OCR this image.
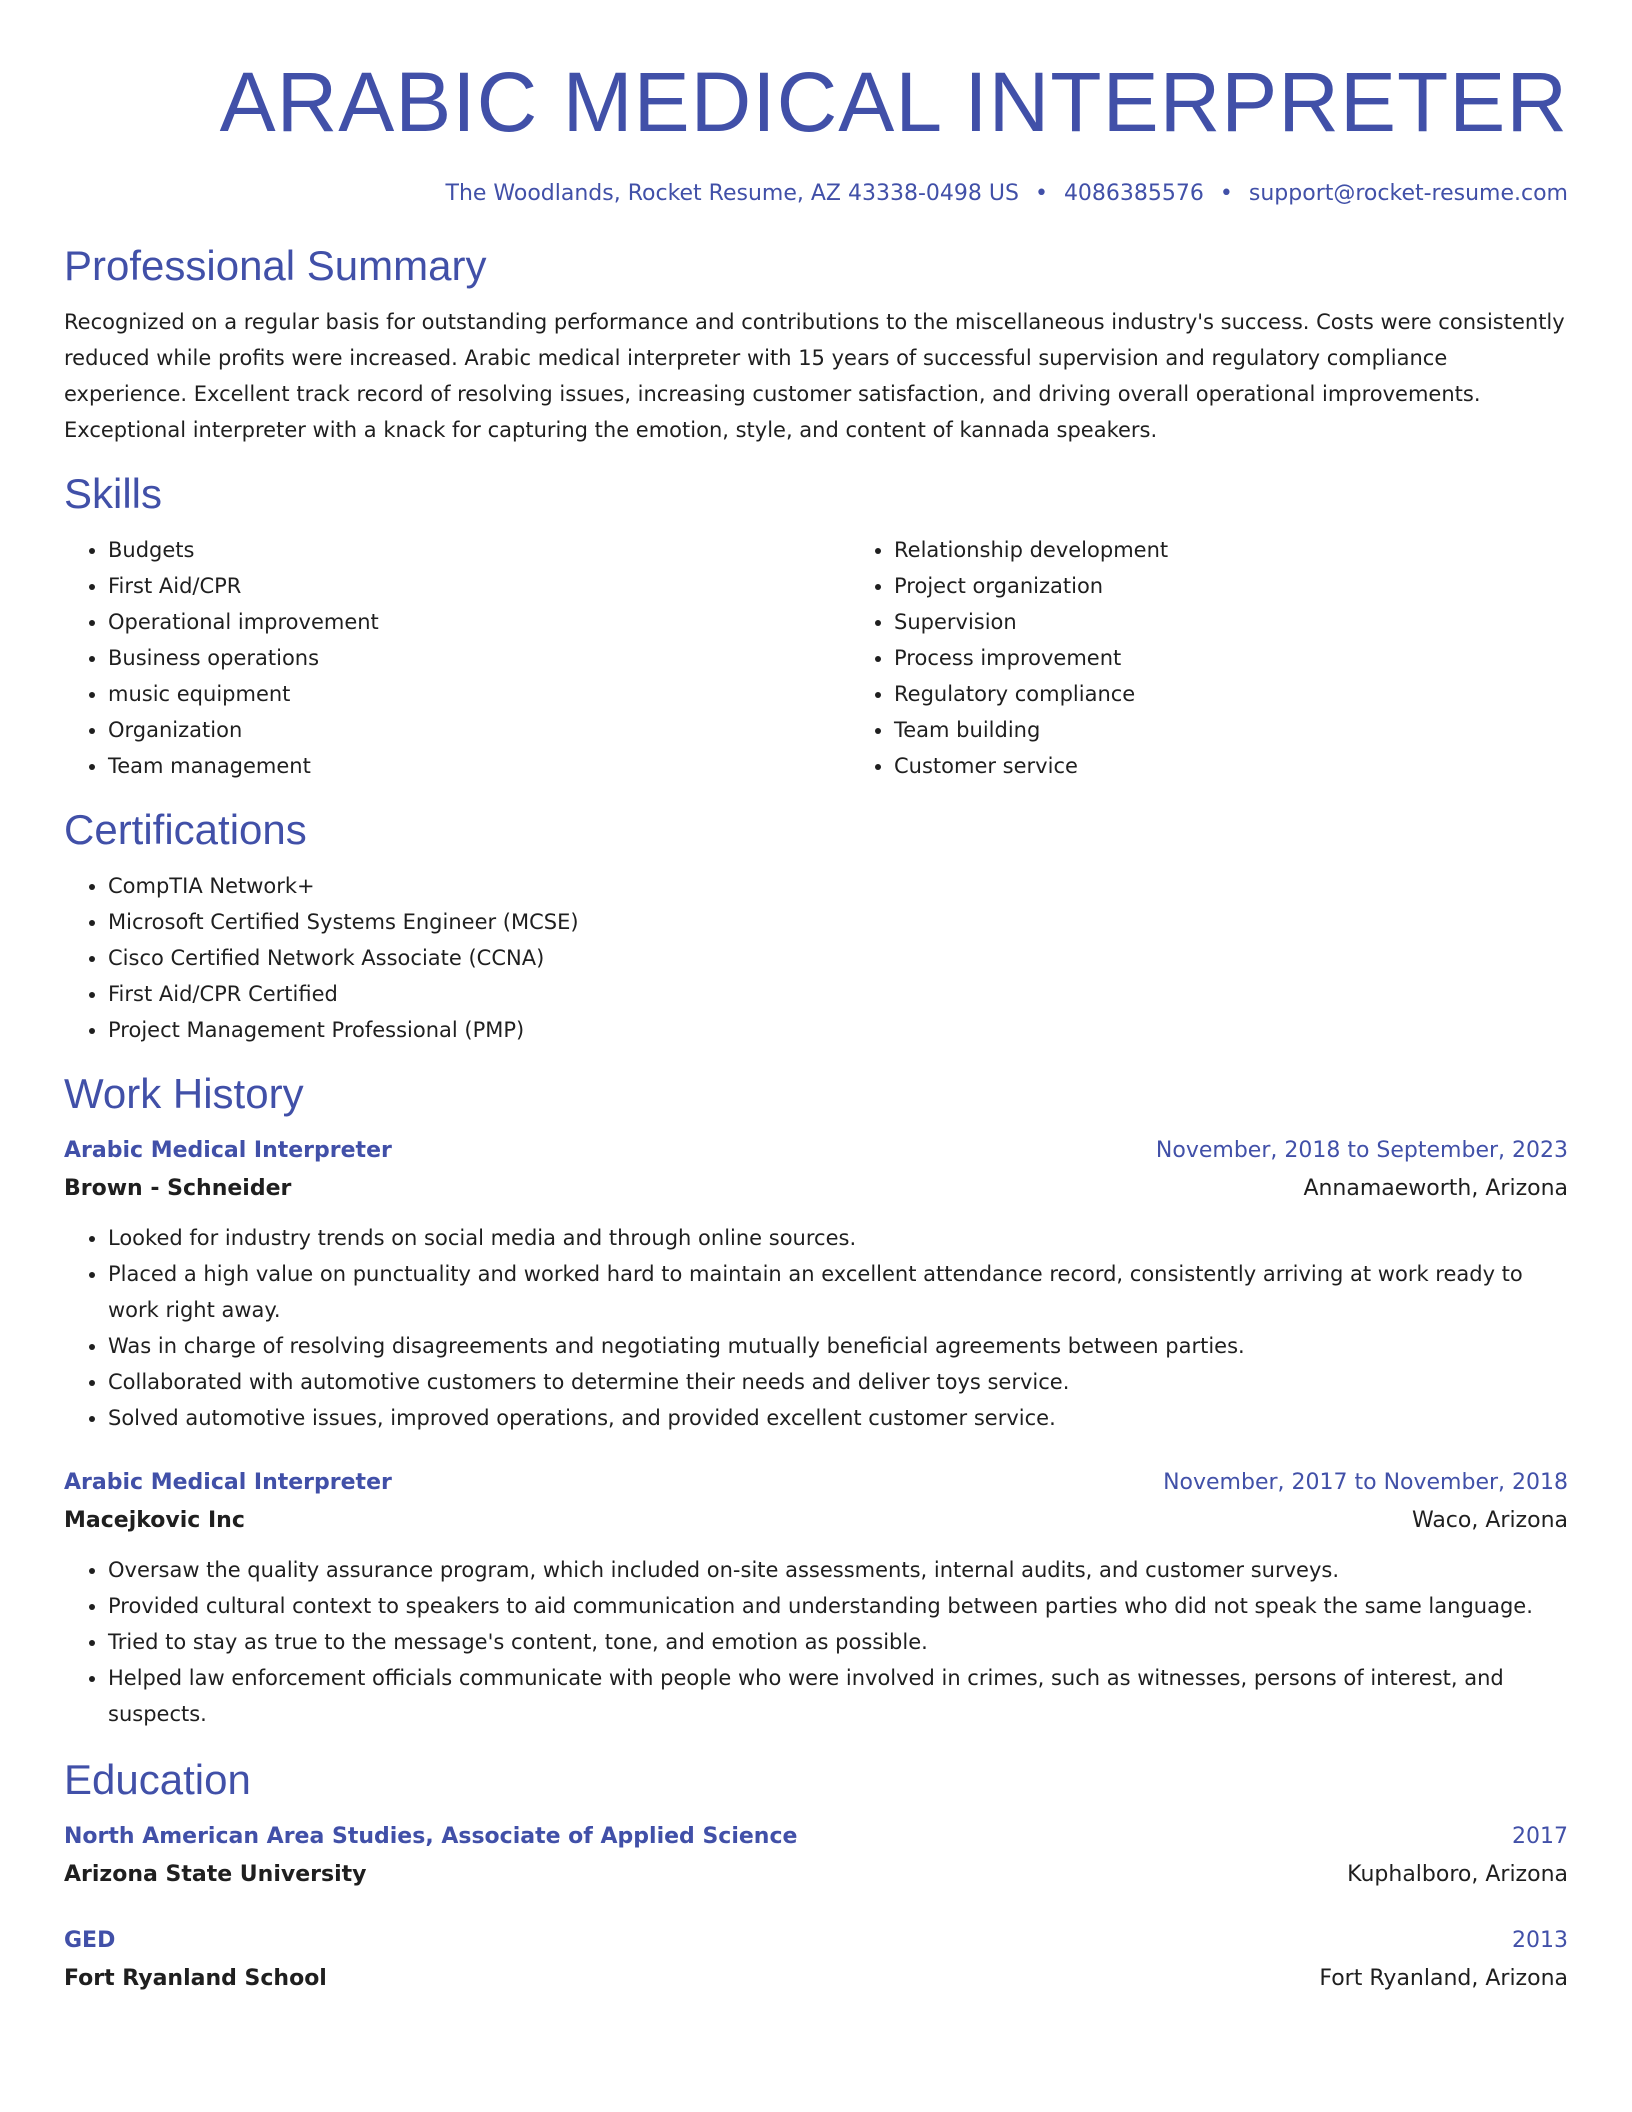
ARABIC MEDICAL INTERPRETER
The Woodlands, Rocket Resume, AZ 43338-0498 US • 4086385576 • support@rocket-resume.com
Professional Summary

Recognized on a regular basis for outstanding performance and contributions to the miscellaneous industry's success. Costs were consistently reduced while profits were increased. Arabic medical interpreter with 15 years of successful supervision and regulatory compliance experience. Excellent track record of resolving issues, increasing customer satisfaction, and driving overall operational improvements. Exceptional interpreter with a knack for capturing the emotion, style, and content of kannada speakers.

Skills
• Budgets
• First Aid/CPR
• Operational improvement
• Business operations
• music equipment
• Organization
• Team management
• Relationship development
• Project organization
• Supervision
• Process improvement
• Regulatory compliance
• Team building
• Customer service
Certifications
• CompTIA Network+
• Microsoft Certified Systems Engineer (MCSE)
• Cisco Certified Network Associate (CCNA)
• First Aid/CPR Certified
• Project Management Professional (PMP)
Work History
Arabic Medical Interpreter	November, 2018 to September, 2023
Brown - Schneider	Annamaeworth, Arizona
• Looked for industry trends on social media and through online sources.
• Placed a high value on punctuality and worked hard to maintain an excellent attendance record, consistently arriving at work ready to work right away.
• Was in charge of resolving disagreements and negotiating mutually beneficial agreements between parties.
• Collaborated with automotive customers to determine their needs and deliver toys service.
• Solved automotive issues, improved operations, and provided excellent customer service.
Arabic Medical Interpreter	November, 2017 to November, 2018
Macejkovic Inc	Waco, Arizona
• Oversaw the quality assurance program, which included on-site assessments, internal audits, and customer surveys.
• Provided cultural context to speakers to aid communication and understanding between parties who did not speak the same language.
• Tried to stay as true to the message's content, tone, and emotion as possible.
• Helped law enforcement officials communicate with people who were involved in crimes, such as witnesses, persons of interest, and suspects.
Education
North American Area Studies, Associate of Applied Science	2017
Arizona State University	Kuphalboro, Arizona
GED	2013
Fort Ryanland School	Fort Ryanland, Arizona
